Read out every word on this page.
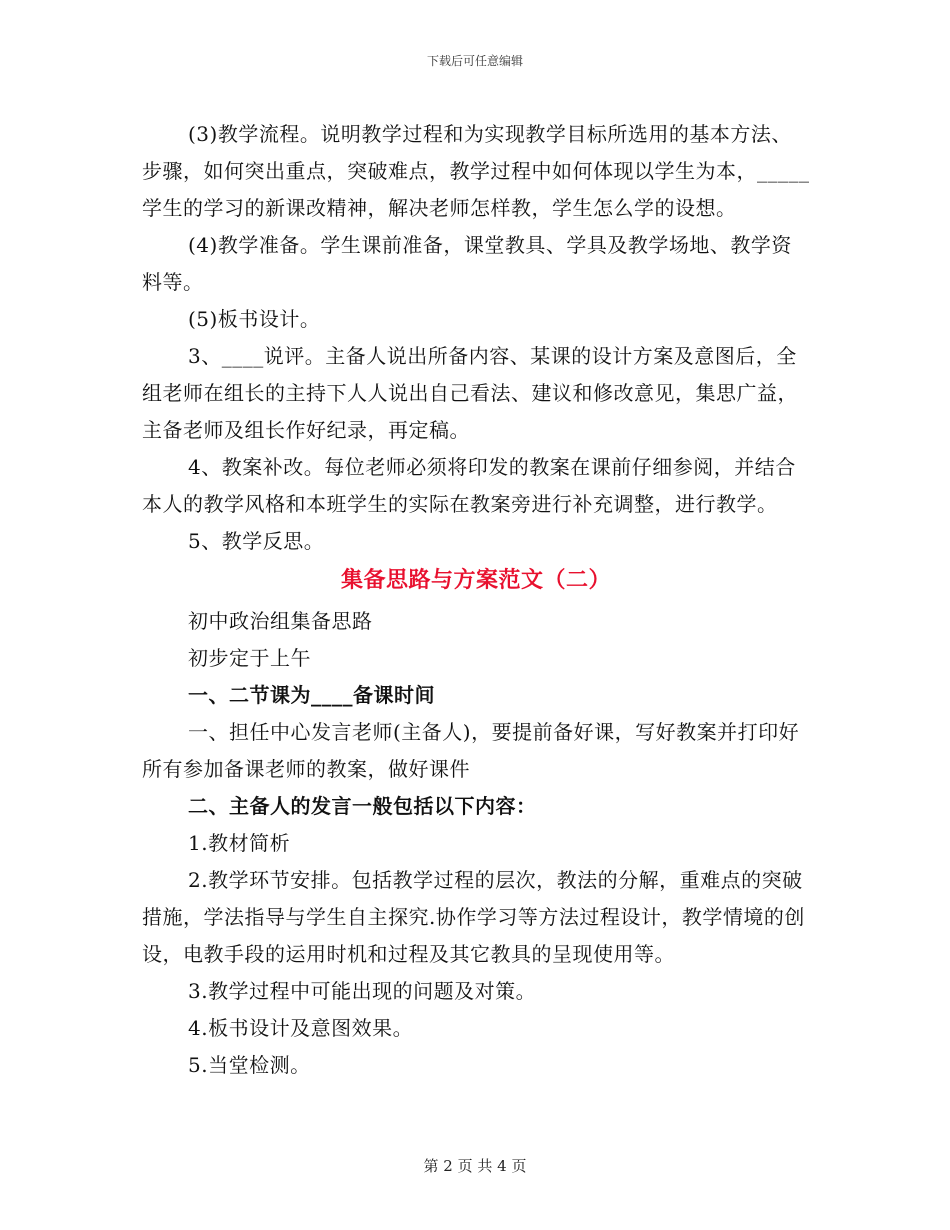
下载后可任意编辑

(3)教学流程。说明教学过程和为实现教学目标所选用的基本方法、步骤，如何突出重点，突破难点，教学过程中如何体现以学生为本，_____学生的学习的新课改精神，解决老师怎样教，学生怎么学的设想。

(4)教学准备。学生课前准备，课堂教具、学具及教学场地、教学资料等。

(5)板书设计。

3、____说评。主备人说出所备内容、某课的设计方案及意图后，全组老师在组长的主持下人人说出自己看法、建议和修改意见，集思广益，主备老师及组长作好纪录，再定稿。

4、教案补改。每位老师必须将印发的教案在课前仔细参阅，并结合本人的教学风格和本班学生的实际在教案旁进行补充调整，进行教学。

5、教学反思。

集备思路与方案范文（二）

初中政治组集备思路

初步定于上午

一、二节课为____备课时间

一、担任中心发言老师(主备人)，要提前备好课，写好教案并打印好所有参加备课老师的教案，做好课件

二、主备人的发言一般包括以下内容：

1.教材简析

2.教学环节安排。包括教学过程的层次，教法的分解，重难点的突破措施，学法指导与学生自主探究.协作学习等方法过程设计，教学情境的创设，电教手段的运用时机和过程及其它教具的呈现使用等。

3.教学过程中可能出现的问题及对策。

4.板书设计及意图效果。

5.当堂检测。

第 2 页 共 4 页
